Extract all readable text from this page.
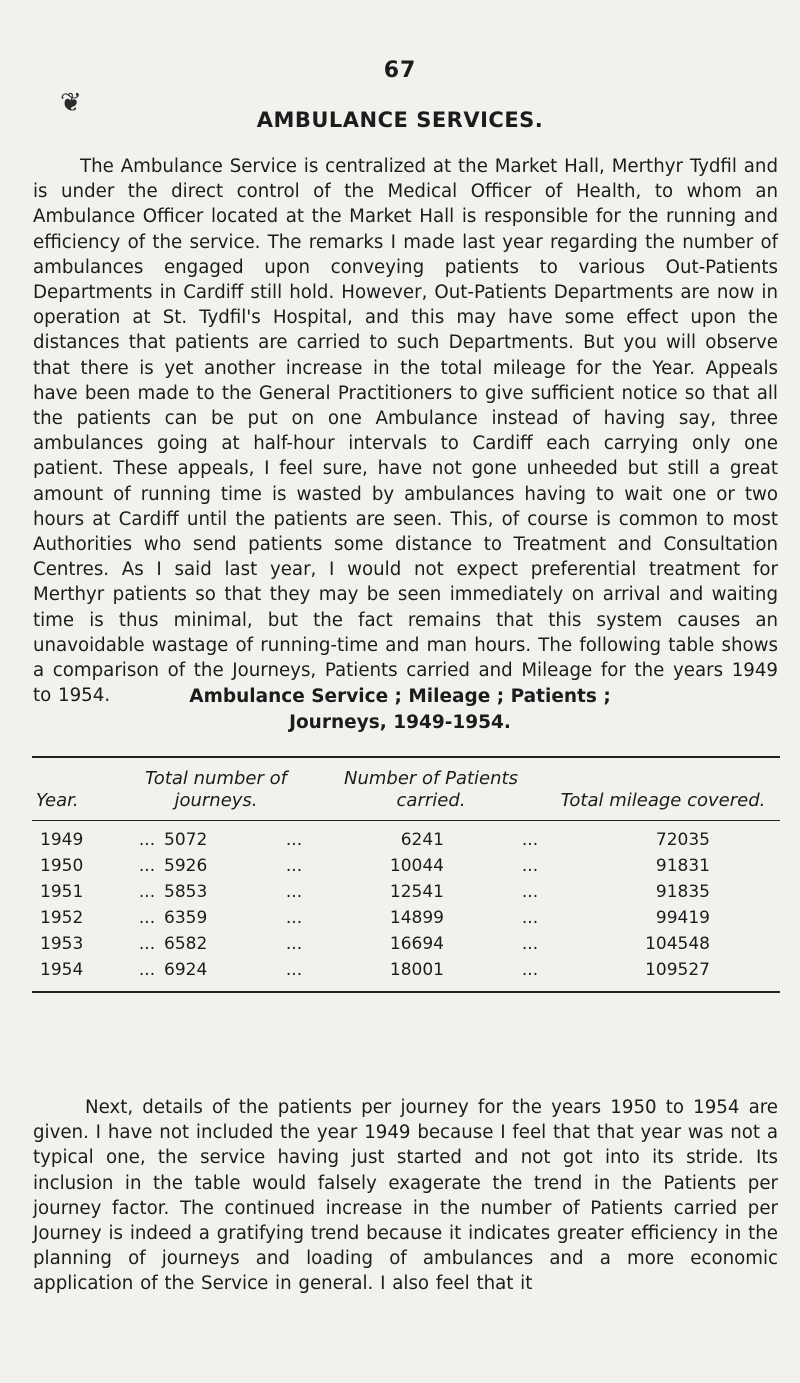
67
❦
AMBULANCE SERVICES.
The Ambulance Service is centralized at the Market Hall, Merthyr Tydfil and is under the direct control of the Medical Officer of Health, to whom an Ambulance Officer located at the Market Hall is responsible for the running and efficiency of the service. The remarks I made last year regarding the number of ambulances engaged upon conveying patients to various Out-Patients Departments in Cardiff still hold. However, Out-Patients Departments are now in operation at St. Tydfil's Hospital, and this may have some effect upon the distances that patients are carried to such Departments. But you will observe that there is yet another increase in the total mileage for the Year. Appeals have been made to the General Practitioners to give sufficient notice so that all the patients can be put on one Ambulance instead of having say, three ambulances going at half-hour intervals to Cardiff each carrying only one patient. These appeals, I feel sure, have not gone unheeded but still a great amount of running time is wasted by ambulances having to wait one or two hours at Cardiff until the patients are seen. This, of course is common to most Authorities who send patients some distance to Treatment and Consultation Centres. As I said last year, I would not expect preferential treatment for Merthyr patients so that they may be seen immediately on arrival and waiting time is thus minimal, but the fact remains that this system causes an unavoidable wastage of running-time and man hours. The following table shows a comparison of the Journeys, Patients carried and Mileage for the years 1949 to 1954.	Ambulance Service ; Mileage ; Patients ;
Journeys, 1949-1954.
Year.	Total number of journeys.	Number of Patients carried.	Total mileage covered.
1949	...	5072	...	6241	...	72035
1950	...	5926	...	10044	...	91831
1951	...	5853	...	12541	...	91835
1952	...	6359	...	14899	...	99419
1953	...	6582	...	16694	...	104548
1954	...	6924	...	18001	...	109527
Next, details of the patients per journey for the years 1950 to 1954 are given. I have not included the year 1949 because I feel that that year was not a typical one, the service having just started and not got into its stride. Its inclusion in the table would falsely exagerate the trend in the Patients per journey factor. The continued increase in the number of Patients carried per Journey is indeed a gratifying trend because it indicates greater efficiency in the planning of journeys and loading of ambulances and a more economic application of the Service in general. I also feel that it
